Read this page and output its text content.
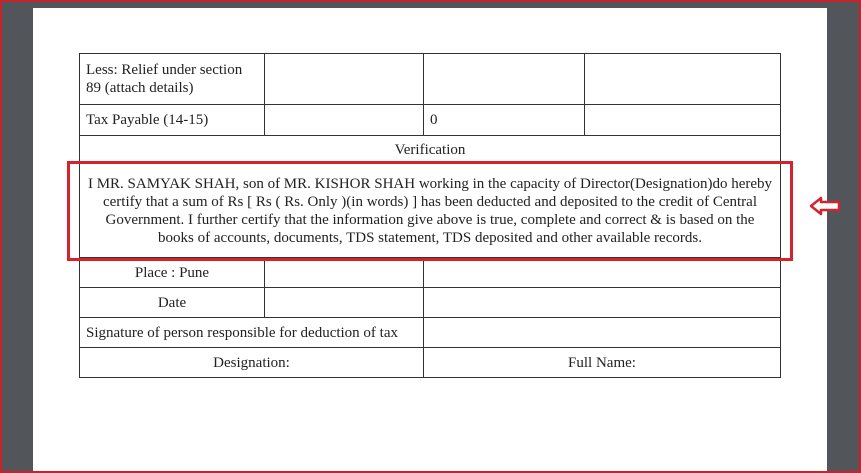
Less: Relief under section 89 (attach details)			
Tax Payable (14-15)		0	
Verification			
I MR. SAMYAK SHAH, son of MR. KISHOR SHAH working in the capacity of Director(Designation)do hereby certify that a sum of Rs [ Rs ( Rs. Only )(in words) ] has been deducted and deposited to the credit of Central Government. I further certify that the information give above is true, complete and correct & is based on the books of accounts, documents, TDS statement, TDS deposited and other available records.			
Place : Pune			
Date			
Signature of person responsible for deduction of tax			
Designation:		Full Name:	
